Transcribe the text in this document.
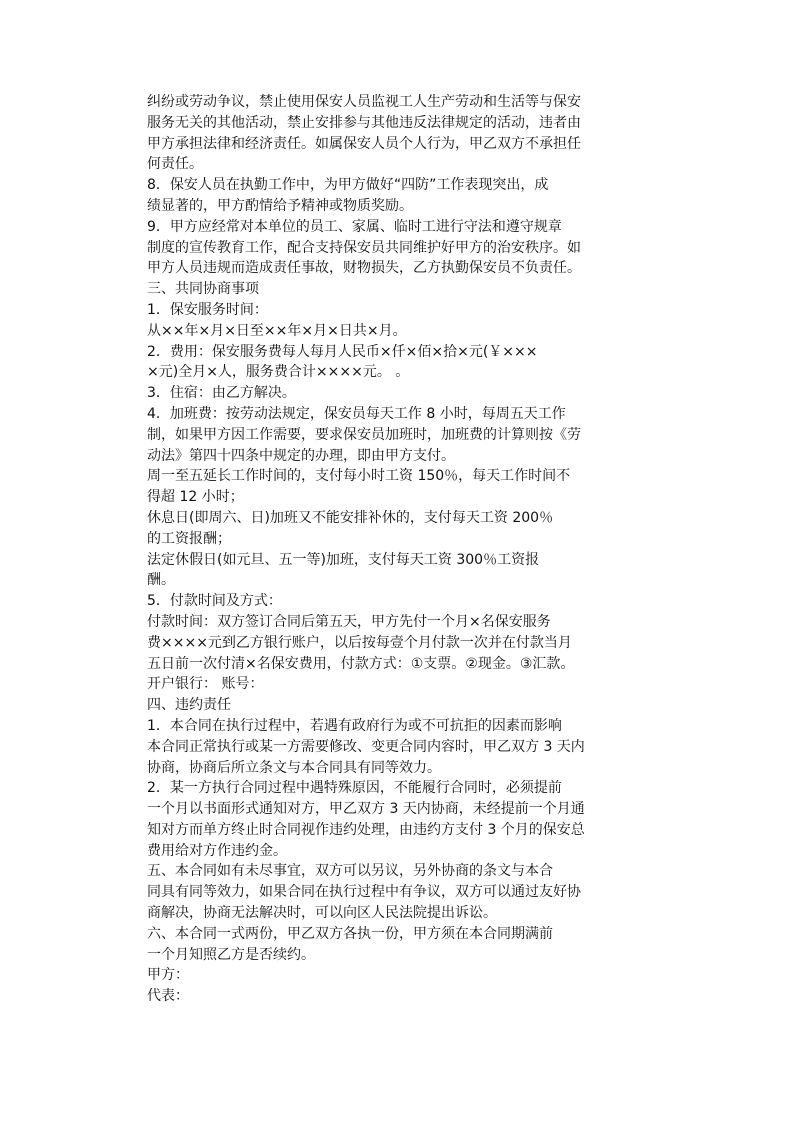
纠纷或劳动争议，禁止使用保安人员监视工人生产劳动和生活等与保安
服务无关的其他活动，禁止安排参与其他违反法律规定的活动，违者由
甲方承担法律和经济责任。如属保安人员个人行为，甲乙双方不承担任
何责任。
8．保安人员在执勤工作中，为甲方做好“四防”工作表现突出，成
绩显著的，甲方酌情给予精神或物质奖励。
9．甲方应经常对本单位的员工、家属、临时工进行守法和遵守规章
制度的宣传教育工作，配合支持保安员共同维护好甲方的治安秩序。如
甲方人员违规而造成责任事故，财物损失，乙方执勤保安员不负责任。
三、共同协商事项
1．保安服务时间：
从××年×月×日至××年×月×日共×月。
2．费用：保安服务费每人每月人民币×仟×佰×拾×元(￥×××
×元)全月×人，服务费合计××××元。 。
3．住宿：由乙方解决。
4．加班费：按劳动法规定，保安员每天工作 8 小时，每周五天工作
制，如果甲方因工作需要，要求保安员加班时，加班费的计算则按《劳
动法》第四十四条中规定的办理，即由甲方支付。
周一至五延长工作时间的，支付每小时工资 150％，每天工作时间不
得超 12 小时；
休息日(即周六、日)加班又不能安排补休的，支付每天工资 200％
的工资报酬；
法定休假日(如元旦、五一等)加班，支付每天工资 300％工资报
酬。
5．付款时间及方式：
付款时间：双方签订合同后第五天，甲方先付一个月×名保安服务
费××××元到乙方银行账户，以后按每壹个月付款一次并在付款当月
五日前一次付清×名保安费用，付款方式：①支票。②现金。③汇款。
开户银行： 账号：
四、违约责任
1．本合同在执行过程中，若遇有政府行为或不可抗拒的因素而影响
本合同正常执行或某一方需要修改、变更合同内容时，甲乙双方 3 天内
协商，协商后所立条文与本合同具有同等效力。
2．某一方执行合同过程中遇特殊原因，不能履行合同时，必须提前
一个月以书面形式通知对方，甲乙双方 3 天内协商，未经提前一个月通
知对方而单方终止时合同视作违约处理，由违约方支付 3 个月的保安总
费用给对方作违约金。
五、本合同如有未尽事宜，双方可以另议，另外协商的条文与本合
同具有同等效力，如果合同在执行过程中有争议，双方可以通过友好协
商解决，协商无法解决时，可以向区人民法院提出诉讼。
六、本合同一式两份，甲乙双方各执一份，甲方须在本合同期满前
一个月知照乙方是否续约。
甲方：
代表：
